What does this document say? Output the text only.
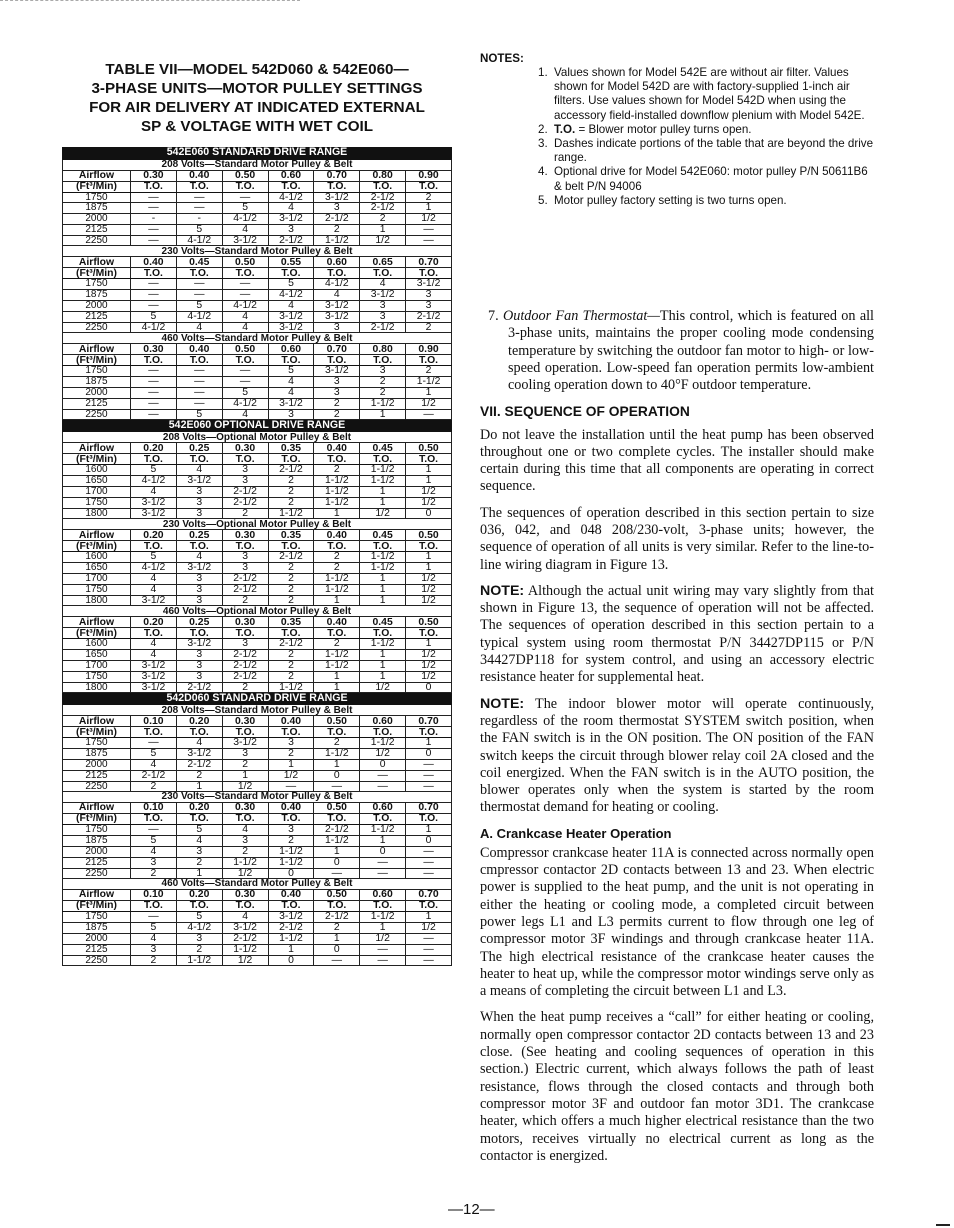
TABLE VII—MODEL 542D060 & 542E060—
3-PHASE UNITS—MOTOR PULLEY SETTINGS
FOR AIR DELIVERY AT INDICATED EXTERNAL
SP & VOLTAGE WITH WET COIL
542E060 STANDARD DRIVE RANGE							
208 Volts—Standard Motor Pulley & Belt							
Airflow	0.30	0.40	0.50	0.60	0.70	0.80	0.90
(Ft³/Min)	T.O.	T.O.	T.O.	T.O.	T.O.	T.O.	T.O.
1750	—	—	—	4-1/2	3-1/2	2-1/2	2
1875	—	—	5	4	3	2-1/2	1
2000	-	-	4-1/2	3-1/2	2-1/2	2	1/2
2125	—	5	4	3	2	1	—
2250	—	4-1/2	3-1/2	2-1/2	1-1/2	1/2	—
230 Volts—Standard Motor Pulley & Belt							
Airflow	0.40	0.45	0.50	0.55	0.60	0.65	0.70
(Ft³/Min)	T.O.	T.O.	T.O.	T.O.	T.O.	T.O.	T.O.
1750	—	—	—	5	4-1/2	4	3-1/2
1875	—	—	—	4-1/2	4	3-1/2	3
2000	—	5	4-1/2	4	3-1/2	3	3
2125	5	4-1/2	4	3-1/2	3-1/2	3	2-1/2
2250	4-1/2	4	4	3-1/2	3	2-1/2	2
460 Volts—Standard Motor Pulley & Belt							
Airflow	0.30	0.40	0.50	0.60	0.70	0.80	0.90
(Ft³/Min)	T.O.	T.O.	T.O.	T.O.	T.O.	T.O.	T.O.
1750	—	—	—	5	3-1/2	3	2
1875	—	—	—	4	3	2	1-1/2
2000	—	—	5	4	3	2	1
2125	—	—	4-1/2	3-1/2	2	1-1/2	1/2
2250	—	5	4	3	2	1	—
542E060 OPTIONAL DRIVE RANGE							
208 Volts—Optional Motor Pulley & Belt							
Airflow	0.20	0.25	0.30	0.35	0.40	0.45	0.50
(Ft³/Min)	T.O.	T.O.	T.O.	T.O.	T.O.	T.O.	T.O.
1600	5	4	3	2-1/2	2	1-1/2	1
1650	4-1/2	3-1/2	3	2	1-1/2	1-1/2	1
1700	4	3	2-1/2	2	1-1/2	1	1/2
1750	3-1/2	3	2-1/2	2	1-1/2	1	1/2
1800	3-1/2	3	2	1-1/2	1	1/2	0
230 Volts—Optional Motor Pulley & Belt							
Airflow	0.20	0.25	0.30	0.35	0.40	0.45	0.50
(Ft³/Min)	T.O.	T.O.	T.O.	T.O.	T.O.	T.O.	T.O.
1600	5	4	3	2-1/2	2	1-1/2	1
1650	4-1/2	3-1/2	3	2	2	1-1/2	1
1700	4	3	2-1/2	2	1-1/2	1	1/2
1750	4	3	2-1/2	2	1-1/2	1	1/2
1800	3-1/2	3	2	2	1	1	1/2
460 Volts—Optional Motor Pulley & Belt							
Airflow	0.20	0.25	0.30	0.35	0.40	0.45	0.50
(Ft³/Min)	T.O.	T.O.	T.O.	T.O.	T.O.	T.O.	T.O.
1600	4	3-1/2	3	2-1/2	2	1-1/2	1
1650	4	3	2-1/2	2	1-1/2	1	1/2
1700	3-1/2	3	2-1/2	2	1-1/2	1	1/2
1750	3-1/2	3	2-1/2	2	1	1	1/2
1800	3-1/2	2-1/2	2	1-1/2	1	1/2	0
542D060 STANDARD DRIVE RANGE							
208 Volts—Standard Motor Pulley & Belt							
Airflow	0.10	0.20	0.30	0.40	0.50	0.60	0.70
(Ft³/Min)	T.O.	T.O.	T.O.	T.O.	T.O.	T.O.	T.O.
1750	—	4	3-1/2	3	2	1-1/2	1
1875	5	3-1/2	3	2	1-1/2	1/2	0
2000	4	2-1/2	2	1	1	0	—
2125	2-1/2	2	1	1/2	0	—	—
2250	2	1	1/2	—	—	—	—
230 Volts—Standard Motor Pulley & Belt							
Airflow	0.10	0.20	0.30	0.40	0.50	0.60	0.70
(Ft³/Min)	T.O.	T.O.	T.O.	T.O.	T.O.	T.O.	T.O.
1750	—	5	4	3	2-1/2	1-1/2	1
1875	5	4	3	2	1-1/2	1	0
2000	4	3	2	1-1/2	1	0	—
2125	3	2	1-1/2	1-1/2	0	—	—
2250	2	1	1/2	0	—	—	—
460 Volts—Standard Motor Pulley & Belt							
Airflow	0.10	0.20	0.30	0.40	0.50	0.60	0.70
(Ft³/Min)	T.O.	T.O.	T.O.	T.O.	T.O.	T.O.	T.O.
1750	—	5	4	3-1/2	2-1/2	1-1/2	1
1875	5	4-1/2	3-1/2	2-1/2	2	1	1/2
2000	4	3	2-1/2	1-1/2	1	1/2	—
2125	3	2	1-1/2	1	0	—	—
2250	2	1-1/2	1/2	0	—	—	—
NOTES:
1. Values shown for Model 542E are without air filter. Values shown for Model 542D are with factory-supplied 1-inch air filters. Use values shown for Model 542D when using the accessory field-installed downflow plenium with Model 542E.
2. T.O. = Blower motor pulley turns open.
3. Dashes indicate portions of the table that are beyond the drive range.
4. Optional drive for Model 542E060: motor pulley P/N 50611B6 & belt P/N 94006
5. Motor pulley factory setting is two turns open.

7. Outdoor Fan Thermostat—This control, which is featured on all 3-phase units, maintains the proper cooling mode condensing temperature by switching the outdoor fan motor to high- or low-speed operation. Low-speed fan operation permits low-ambient cooling operation down to 40°F outdoor temperature.

VII. SEQUENCE OF OPERATION

Do not leave the installation until the heat pump has been observed throughout one or two complete cycles. The installer should make certain during this time that all components are operating in correct sequence.

The sequences of operation described in this section pertain to size 036, 042, and 048 208/230-volt, 3-phase units; however, the sequence of operation of all units is very similar. Refer to the line-to-line wiring diagram in Figure 13.

NOTE: Although the actual unit wiring may vary slightly from that shown in Figure 13, the sequence of operation will not be affected. The sequences of operation described in this section pertain to a typical system using room thermostat P/N 34427DP115 or P/N 34427DP118 for system control, and using an accessory electric resistance heater for supplemental heat.

NOTE: The indoor blower motor will operate continuously, regardless of the room thermostat SYSTEM switch position, when the FAN switch is in the ON position. The ON position of the FAN switch keeps the circuit through blower relay coil 2A closed and the coil energized. When the FAN switch is in the AUTO position, the blower operates only when the system is started by the room thermostat demand for heating or cooling.

A. Crankcase Heater Operation

Compressor crankcase heater 11A is connected across normally open cmpressor contactor 2D contacts between 13 and 23. When electric power is supplied to the heat pump, and the unit is not operating in either the heating or cooling mode, a completed circuit between power legs L1 and L3 permits current to flow through one leg of compressor motor 3F windings and through crankcase heater 11A. The high electrical resistance of the crankcase heater causes the heater to heat up, while the compressor motor windings serve only as a means of completing the circuit between L1 and L3.

When the heat pump receives a “call” for either heating or cooling, normally open compressor contactor 2D contacts between 13 and 23 close. (See heating and cooling sequences of operation in this section.) Electric current, which always follows the path of least resistance, flows through the closed contacts and through both compressor motor 3F and outdoor fan motor 3D1. The crankcase heater, which offers a much higher electrical resistance than the two motors, receives virtually no electrical current as long as the contactor is energized.

—12—
